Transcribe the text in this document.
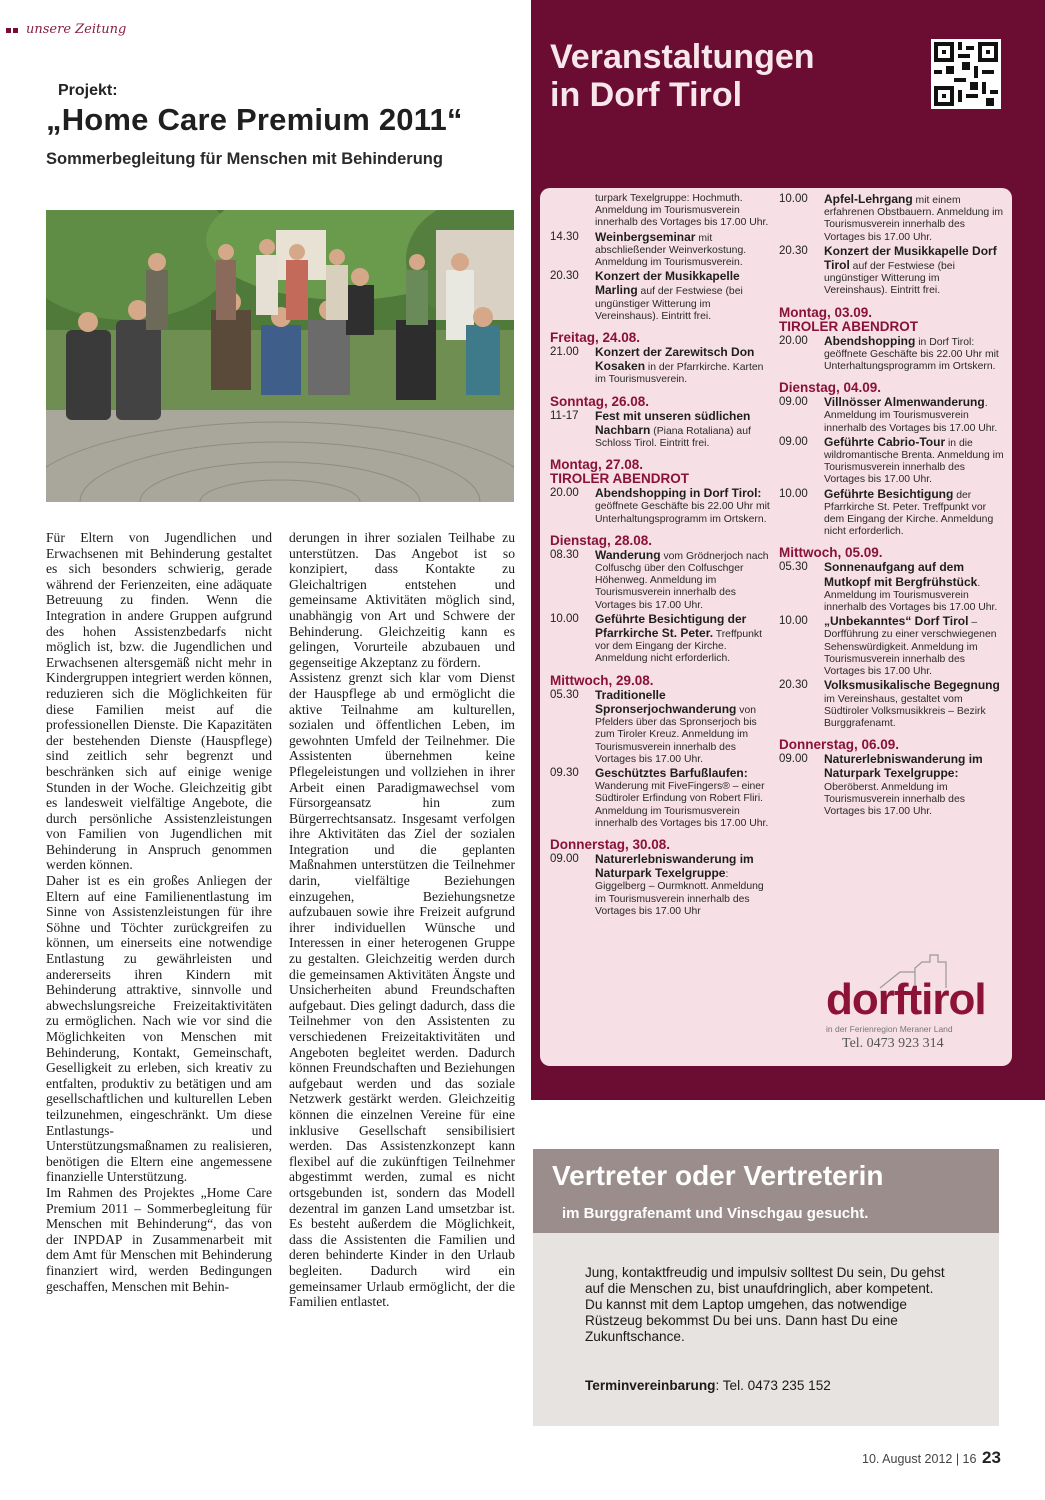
unsere Zeitung
Projekt:
„Home Care Premium 2011“
Sommerbegleitung für Menschen mit Behinderung

Für Eltern von Jugendlichen und Erwachsenen mit Behinderung gestaltet es sich besonders schwierig, gerade während der Ferienzeiten, eine adäquate Betreuung zu finden. Wenn die Integration in andere Gruppen aufgrund des hohen Assistenzbedarfs nicht möglich ist, bzw. die Jugendlichen und Erwachsenen altersgemäß nicht mehr in Kindergruppen integriert werden können, reduzieren sich die Möglichkeiten für diese Familien meist auf die professionellen Dienste. Die Kapazitäten der bestehenden Dienste (Hauspflege) sind zeitlich sehr begrenzt und beschränken sich auf einige wenige Stunden in der Woche. Gleichzeitig gibt es landesweit vielfältige Angebote, die durch persönliche Assistenzleistungen von Familien von Jugendlichen mit Behinderung in Anspruch genommen werden können.

Daher ist es ein großes Anliegen der Eltern auf eine Familienentlastung im Sinne von Assistenzleistungen für ihre Söhne und Töchter zurückgreifen zu können, um einerseits eine notwendige Entlastung zu gewährleisten und andererseits ihren Kindern mit Behinderung attraktive, sinnvolle und abwechslungsreiche Freizeitaktivitäten zu ermöglichen. Nach wie vor sind die Möglichkeiten von Menschen mit Behinderung, Kontakt, Gemeinschaft, Geselligkeit zu erleben, sich kreativ zu entfalten, produktiv zu betätigen und am gesellschaftlichen und kulturellen Leben teilzunehmen, eingeschränkt. Um diese Entlastungs- und Unterstützungsmaßnamen zu realisieren, benötigen die Eltern eine angemessene finanzielle Unterstützung.

Im Rahmen des Projektes „Home Care Premium 2011 – Sommerbegleitung für Menschen mit Behinderung“, das von der INPDAP in Zusammenarbeit mit dem Amt für Menschen mit Behinderung finanziert wird, werden Bedingungen geschaffen, Menschen mit Behin-

derungen in ihrer sozialen Teilhabe zu unterstützen. Das Angebot ist so konzipiert, dass Kontakte zu Gleichaltrigen entstehen und gemeinsame Aktivitäten möglich sind, unabhängig von Art und Schwere der Behinderung. Gleichzeitig kann es gelingen, Vorurteile abzubauen und gegenseitige Akzeptanz zu fördern.

Assistenz grenzt sich klar vom Dienst der Hauspflege ab und ermöglicht die aktive Teilnahme am kulturellen, sozialen und öffentlichen Leben, im gewohnten Umfeld der Teilnehmer. Die Assistenten übernehmen keine Pflegeleistungen und vollziehen in ihrer Arbeit einen Paradigmawechsel vom Fürsorgeansatz hin zum Bürgerrechtsansatz. Insgesamt verfolgen ihre Aktivitäten das Ziel der sozialen Integration und die geplanten Maßnahmen unterstützen die Teilnehmer darin, vielfältige Beziehungen einzugehen, Beziehungsnetze aufzubauen sowie ihre Freizeit aufgrund ihrer individuellen Wünsche und Interessen in einer heterogenen Gruppe zu gestalten. Gleichzeitig werden durch die gemeinsamen Aktivitäten Ängste und Unsicherheiten abund Freundschaften aufgebaut. Dies gelingt dadurch, dass die Teilnehmer von den Assistenten zu verschiedenen Freizeitaktivitäten und Angeboten begleitet werden. Dadurch können Freundschaften und Beziehungen aufgebaut werden und das soziale Netzwerk gestärkt werden. Gleichzeitig können die einzelnen Vereine für eine inklusive Gesellschaft sensibilisiert werden. Das Assistenzkonzept kann flexibel auf die zukünftigen Teilnehmer abgestimmt werden, zumal es nicht ortsgebunden ist, sondern das Modell dezentral im ganzen Land umsetzbar ist. Es besteht außerdem die Möglichkeit, dass die Assistenten die Familien und deren behinderte Kinder in den Urlaub begleiten. Dadurch wird ein gemeinsamer Urlaub ermöglicht, der die Familien entlastet.

Veranstaltungen
in Dorf Tirol
turpark Texelgruppe: Hochmuth. Anmeldung im Tourismusverein innerhalb des Vortages bis 17.00 Uhr.
14.30	Weinbergseminar mit abschließender Weinverkostung. Anmeldung im Tourismusverein.
20.30	Konzert der Musikkapelle Marling auf der Festwiese (bei ungünstiger Witterung im Vereinshaus). Eintritt frei.
Freitag, 24.08.
21.00	Konzert der Zarewitsch Don Kosaken in der Pfarrkirche. Karten im Tourismusverein.
Sonntag, 26.08.
11-17	Fest mit unseren südlichen Nachbarn (Piana Rotaliana) auf Schloss Tirol. Eintritt frei.
Montag, 27.08.
TIROLER ABENDROT
20.00	Abendshopping in Dorf Tirol: geöffnete Geschäfte bis 22.00 Uhr mit Unterhaltungsprogramm im Ortskern.
Dienstag, 28.08.
08.30	Wanderung vom Grödnerjoch nach Colfuschg über den Colfuschger Höhenweg. Anmeldung im Tourismusverein innerhalb des Vortages bis 17.00 Uhr.
10.00	Geführte Besichtigung der Pfarrkirche St. Peter. Treffpunkt vor dem Eingang der Kirche. Anmeldung nicht erforderlich.
Mittwoch, 29.08.
05.30	Traditionelle Spronserjochwanderung von Pfelders über das Spronserjoch bis zum Tiroler Kreuz. Anmeldung im Tourismusverein innerhalb des Vortages bis 17.00 Uhr.
09.30	Geschütztes Barfußlaufen: Wanderung mit FiveFingers® – einer Südtiroler Erfindung von Robert Fliri. Anmeldung im Tourismusverein innerhalb des Vortages bis 17.00 Uhr.
Donnerstag, 30.08.
09.00	Naturerlebniswanderung im Naturpark Texelgruppe: Giggelberg – Ourmknott. Anmeldung im Tourismusverein innerhalb des Vortages bis 17.00 Uhr
10.00	Apfel-Lehrgang mit einem erfahrenen Obstbauern. Anmeldung im Tourismusverein innerhalb des Vortages bis 17.00 Uhr.
20.30	Konzert der Musikkapelle Dorf Tirol auf der Festwiese (bei ungünstiger Witterung im Vereinshaus). Eintritt frei.
Montag, 03.09.
TIROLER ABENDROT
20.00	Abendshopping in Dorf Tirol: geöffnete Geschäfte bis 22.00 Uhr mit Unterhaltungsprogramm im Ortskern.
Dienstag, 04.09.
09.00	Villnösser Almenwanderung. Anmeldung im Tourismusverein innerhalb des Vortages bis 17.00 Uhr.
09.00	Geführte Cabrio-Tour in die wildromantische Brenta. Anmeldung im Tourismusverein innerhalb des Vortages bis 17.00 Uhr.
10.00	Geführte Besichtigung der Pfarrkirche St. Peter. Treffpunkt vor dem Eingang der Kirche. Anmeldung nicht erforderlich.
Mittwoch, 05.09.
05.30	Sonnenaufgang auf dem Mutkopf mit Bergfrühstück. Anmeldung im Tourismusverein innerhalb des Vortages bis 17.00 Uhr.
10.00	„Unbekanntes“ Dorf Tirol – Dorfführung zu einer verschwiegenen Sehenswürdigkeit. Anmeldung im Tourismusverein innerhalb des Vortages bis 17.00 Uhr.
20.30	Volksmusikalische Begegnung im Vereinshaus, gestaltet vom Südtiroler Volksmusikkreis – Bezirk Burggrafenamt.
Donnerstag, 06.09.
09.00	Naturerlebniswanderung im Naturpark Texelgruppe: Oberöberst. Anmeldung im Tourismusverein innerhalb des Vortages bis 17.00 Uhr.
dorftirol
in der Ferienregion Meraner Land
Tel. 0473 923 314
Vertreter oder Vertreterin
im Burggrafenamt und Vinschgau gesucht.

Jung, kontaktfreudig und impulsiv solltest Du sein, Du gehst auf die Menschen zu, bist unaufdringlich, aber kompetent.

Du kannst mit dem Laptop umgehen, das notwendige Rüstzeug bekommst Du bei uns. Dann hast Du eine Zukunftschance.

Terminvereinbarung: Tel. 0473 235 152
10. August 2012 | 16 23
